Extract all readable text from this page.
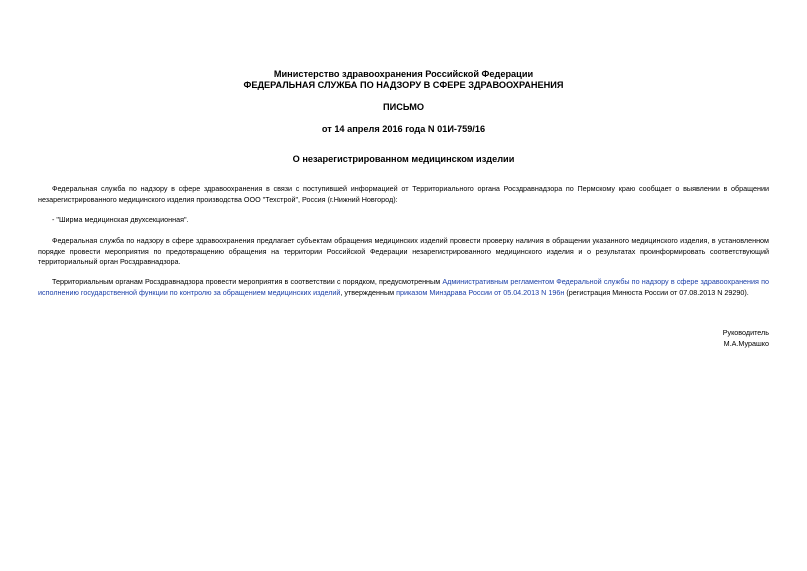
Министерство здравоохранения Российской Федерации
ФЕДЕРАЛЬНАЯ СЛУЖБА ПО НАДЗОРУ В СФЕРЕ ЗДРАВООХРАНЕНИЯ
ПИСЬМО
от 14 апреля 2016 года N 01И-759/16
О незарегистрированном медицинском изделии
Федеральная служба по надзору в сфере здравоохранения в связи с поступившей информацией от Территориального органа Росздравнадзора по Пермскому краю сообщает о выявлении в обращении незарегистрированного медицинского изделия производства ООО "Техстрой", Россия (г.Нижний Новгород):
- "Ширма медицинская двухсекционная".
Федеральная служба по надзору в сфере здравоохранения предлагает субъектам обращения медицинских изделий провести проверку наличия в обращении указанного медицинского изделия, в установленном порядке провести мероприятия по предотвращению обращения на территории Российской Федерации незарегистрированного медицинского изделия и о результатах проинформировать соответствующий территориальный орган Росздравнадзора.
Территориальным органам Росздравнадзора провести мероприятия в соответствии с порядком, предусмотренным Административным регламентом Федеральной службы по надзору в сфере здравоохранения по исполнению государственной функции по контролю за обращением медицинских изделий, утвержденным приказом Минздрава России от 05.04.2013 N 196н (регистрация Минюста России от 07.08.2013 N 29290).
Руководитель
М.А.Мурашко
